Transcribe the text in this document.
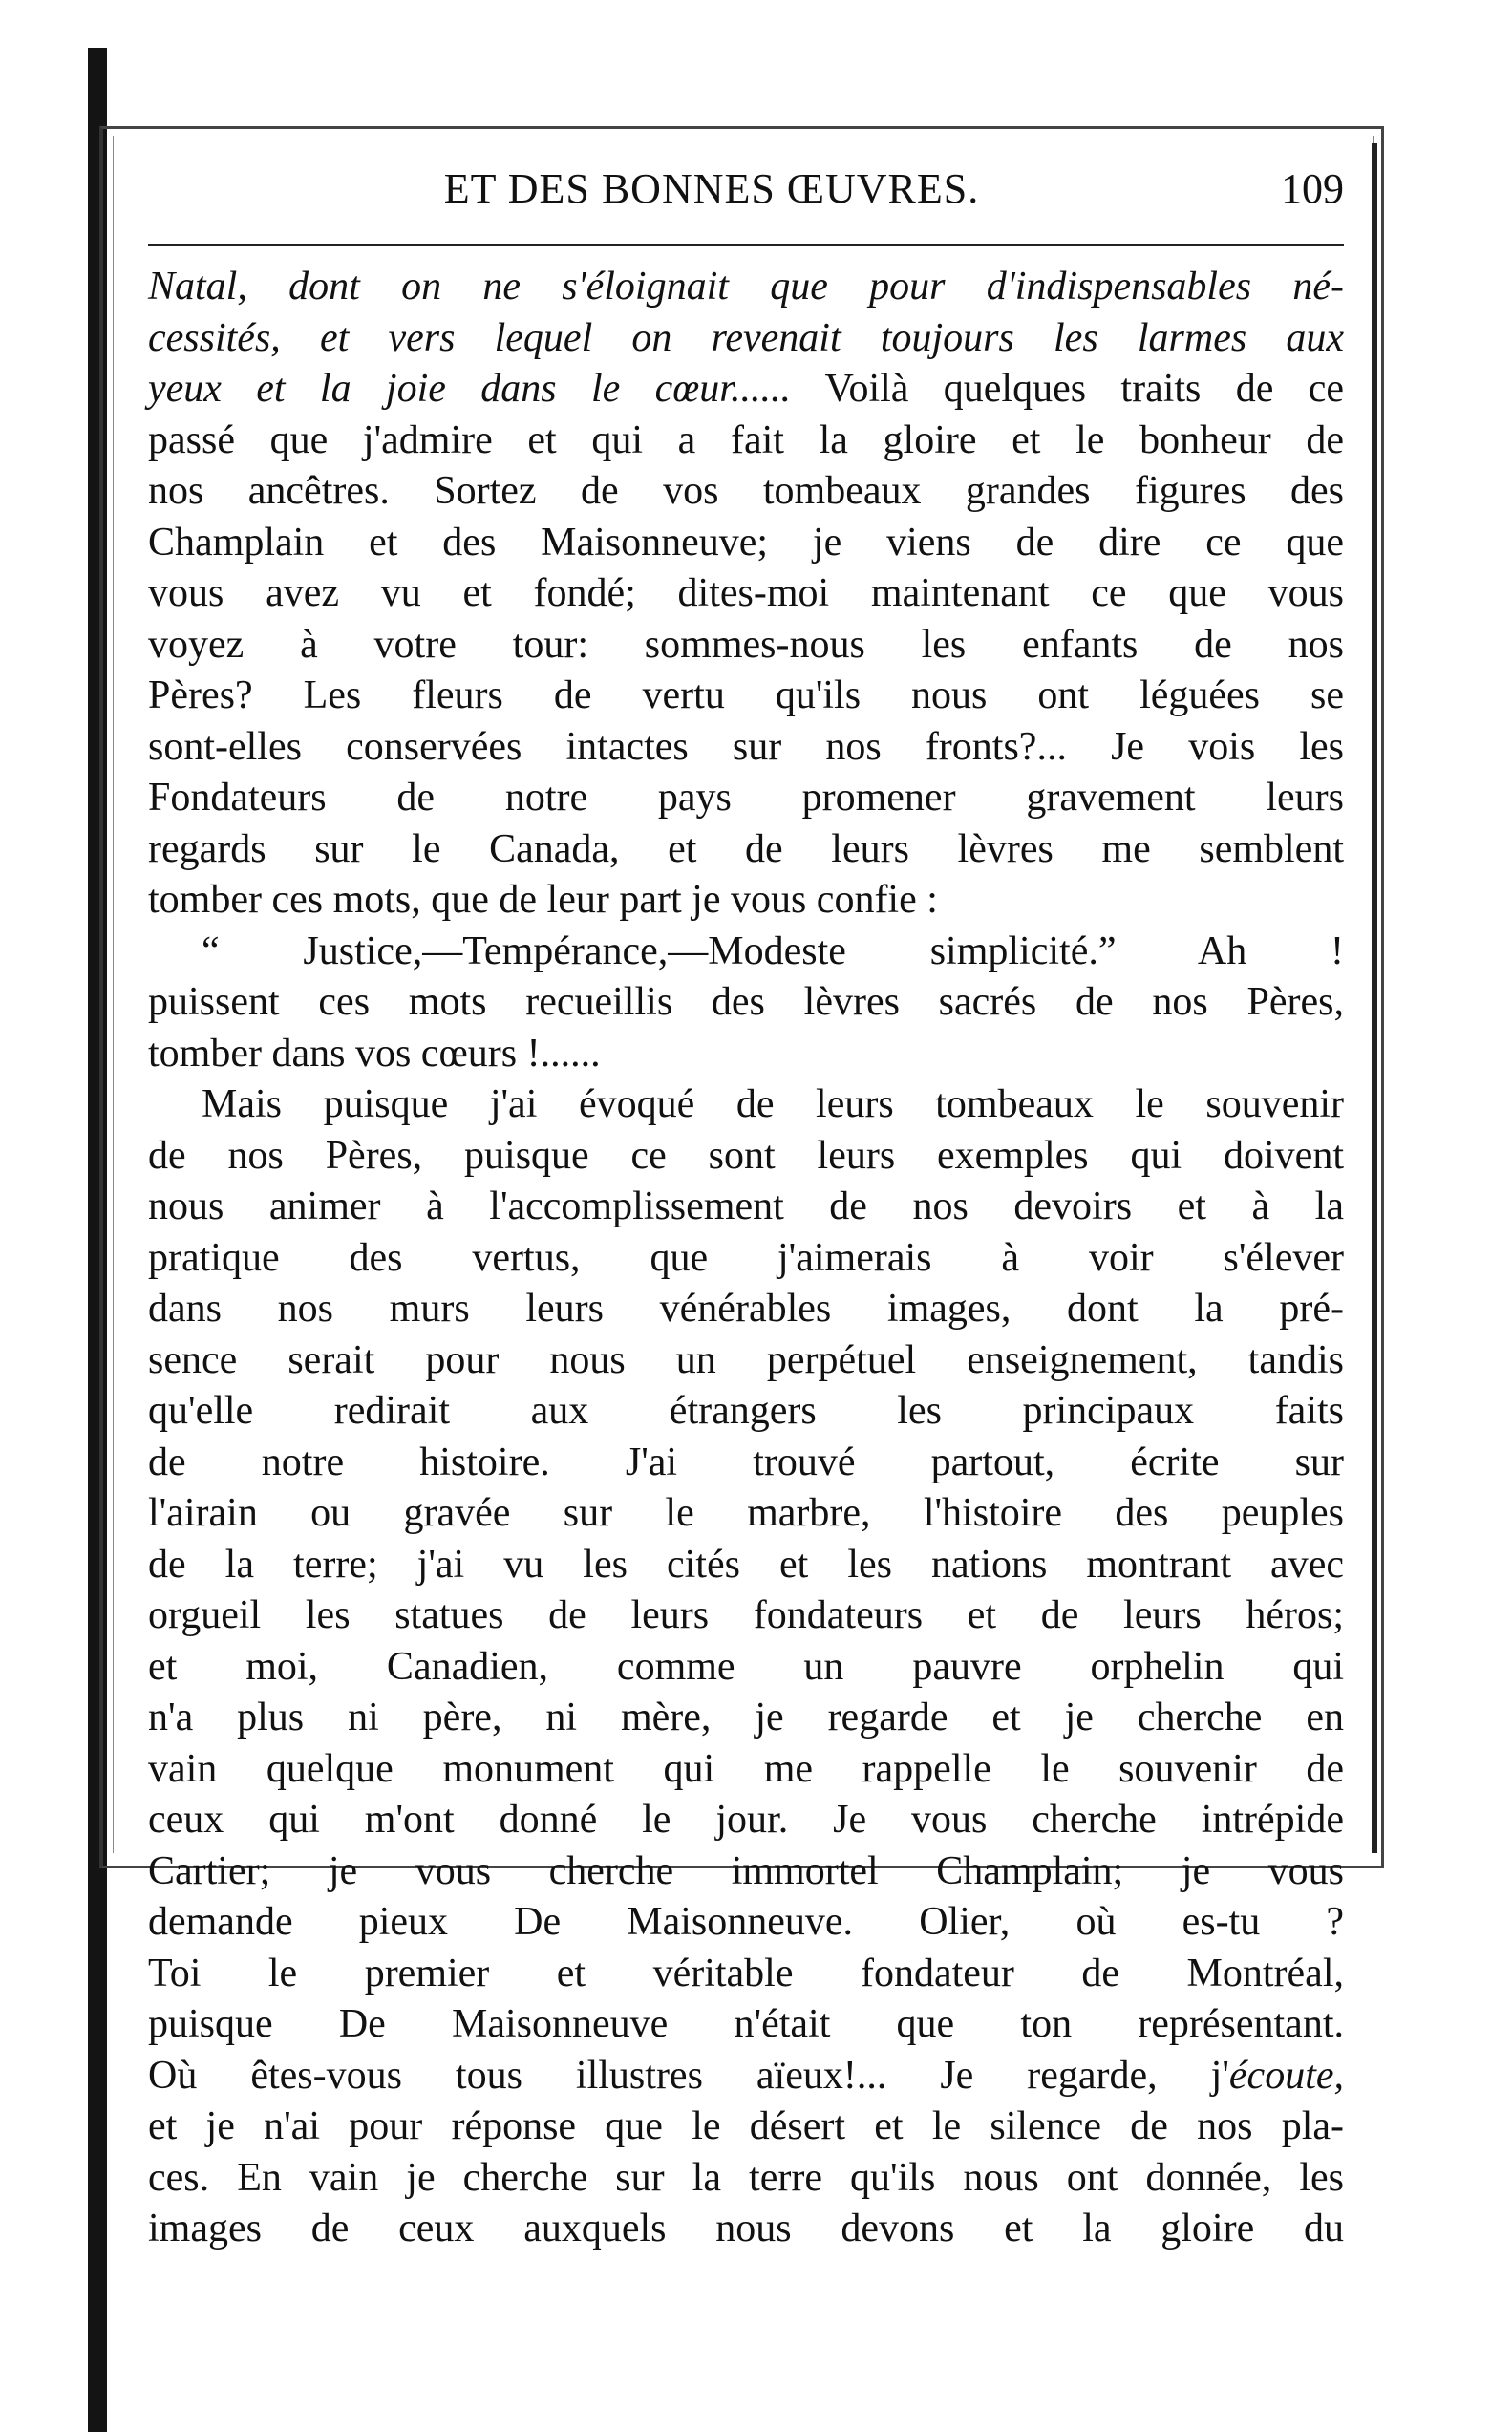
ET DES BONNES ŒUVRES.	109
Natal, dont on ne s'éloignait que pour d'indispensables né-
cessités, et vers lequel on revenait toujours les larmes aux
yeux et la joie dans le cœur...... Voilà quelques traits de ce
passé que j'admire et qui a fait la gloire et le bonheur de
nos ancêtres. Sortez de vos tombeaux grandes figures des
Champlain et des Maisonneuve; je viens de dire ce que
vous avez vu et fondé; dites-moi maintenant ce que vous
voyez à votre tour: sommes-nous les enfants de nos
Pères? Les fleurs de vertu qu'ils nous ont léguées se
sont-elles conservées intactes sur nos fronts?... Je vois les
Fondateurs de notre pays promener gravement leurs
regards sur le Canada, et de leurs lèvres me semblent
tomber ces mots, que de leur part je vous confie :
“ Justice,—Tempérance,—Modeste simplicité.” Ah !
puissent ces mots recueillis des lèvres sacrés de nos Pères,
tomber dans vos cœurs !......
Mais puisque j'ai évoqué de leurs tombeaux le souvenir
de nos Pères, puisque ce sont leurs exemples qui doivent
nous animer à l'accomplissement de nos devoirs et à la
pratique des vertus, que j'aimerais à voir s'élever
dans nos murs leurs vénérables images, dont la pré-
sence serait pour nous un perpétuel enseignement, tandis
qu'elle redirait aux étrangers les principaux faits
de notre histoire. J'ai trouvé partout, écrite sur
l'airain ou gravée sur le marbre, l'histoire des peuples
de la terre; j'ai vu les cités et les nations montrant avec
orgueil les statues de leurs fondateurs et de leurs héros;
et moi, Canadien, comme un pauvre orphelin qui
n'a plus ni père, ni mère, je regarde et je cherche en
vain quelque monument qui me rappelle le souvenir de
ceux qui m'ont donné le jour. Je vous cherche intrépide
Cartier; je vous cherche immortel Champlain; je vous
demande pieux De Maisonneuve. Olier, où es-tu ?
Toi le premier et véritable fondateur de Montréal,
puisque De Maisonneuve n'était que ton représentant.
Où êtes-vous tous illustres aïeux!... Je regarde, j'écoute,
et je n'ai pour réponse que le désert et le silence de nos pla-
ces. En vain je cherche sur la terre qu'ils nous ont donnée, les
images de ceux auxquels nous devons et la gloire du
